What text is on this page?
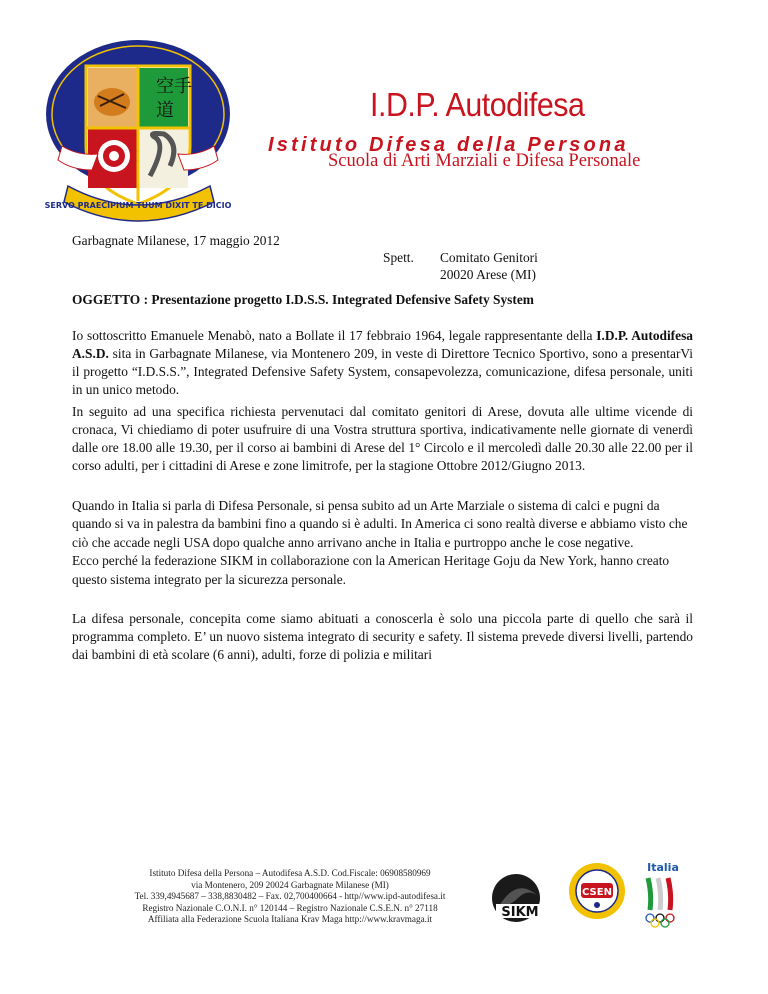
空手
道
SERVO PRAECIPIUM TUUM DIXIT TE DICIO
I.D.P. Autodifesa
Istituto Difesa della Persona
Scuola di Arti Marziali e Difesa Personale
Garbagnate Milanese, 17 maggio 2012
Spett.	Comitato Genitori
20020 Arese (MI)
OGGETTO : Presentazione progetto I.D.S.S. Integrated Defensive Safety System

Io sottoscritto Emanuele Menabò, nato a Bollate il 17 febbraio 1964, legale rappresentante della I.D.P. Autodifesa A.S.D. sita in Garbagnate Milanese, via Montenero 209, in veste di Direttore Tecnico Sportivo, sono a presentarVi il progetto “I.D.S.S.”, Integrated Defensive Safety System, consapevolezza, comunicazione, difesa personale, uniti in un unico metodo.

In seguito ad una specifica richiesta pervenutaci dal comitato genitori di Arese, dovuta alle ultime vicende di cronaca, Vi chiediamo di poter usufruire di una Vostra struttura sportiva, indicativamente nelle giornate di venerdì dalle ore 18.00 alle 19.30, per il corso ai bambini di Arese del 1° Circolo e il mercoledì dalle 20.30 alle 22.00 per il corso adulti, per i cittadini di Arese e zone limitrofe, per la stagione Ottobre 2012/Giugno 2013.

Quando in Italia si parla di Difesa Personale, si pensa subito ad un Arte Marziale o sistema di calci e pugni da quando si va in palestra da bambini fino a quando si è adulti. In America ci sono realtà diverse e abbiamo visto che ciò che accade negli USA dopo qualche anno arrivano anche in Italia e purtroppo anche le cose negative.
Ecco perché la federazione SIKM in collaborazione con la American Heritage Goju da New York, hanno creato questo sistema integrato per la sicurezza personale.

La difesa personale, concepita come siamo abituati a conoscerla è solo una piccola parte di quello che sarà il programma completo. E’ un nuovo sistema integrato di security e safety. Il sistema prevede diversi livelli, partendo dai bambini di età scolare (6 anni), adulti, forze di polizia e militari

Istituto Difesa della Persona – Autodifesa A.S.D. Cod.Fiscale: 06908580969
via Montenero, 209 20024 Garbagnate Milanese (MI)
Tel. 339,4945687 – 338,8830482 – Fax. 02,700400664 - http//www.ipd-autodifesa.it
Registro Nazionale C.O.N.I. n° 120144 – Registro Nazionale C.S.E.N. n° 27118
Affiliata alla Federazione Scuola Italiana Krav Maga http://www.kravmaga.it	SIKM
CSEN
Italia
